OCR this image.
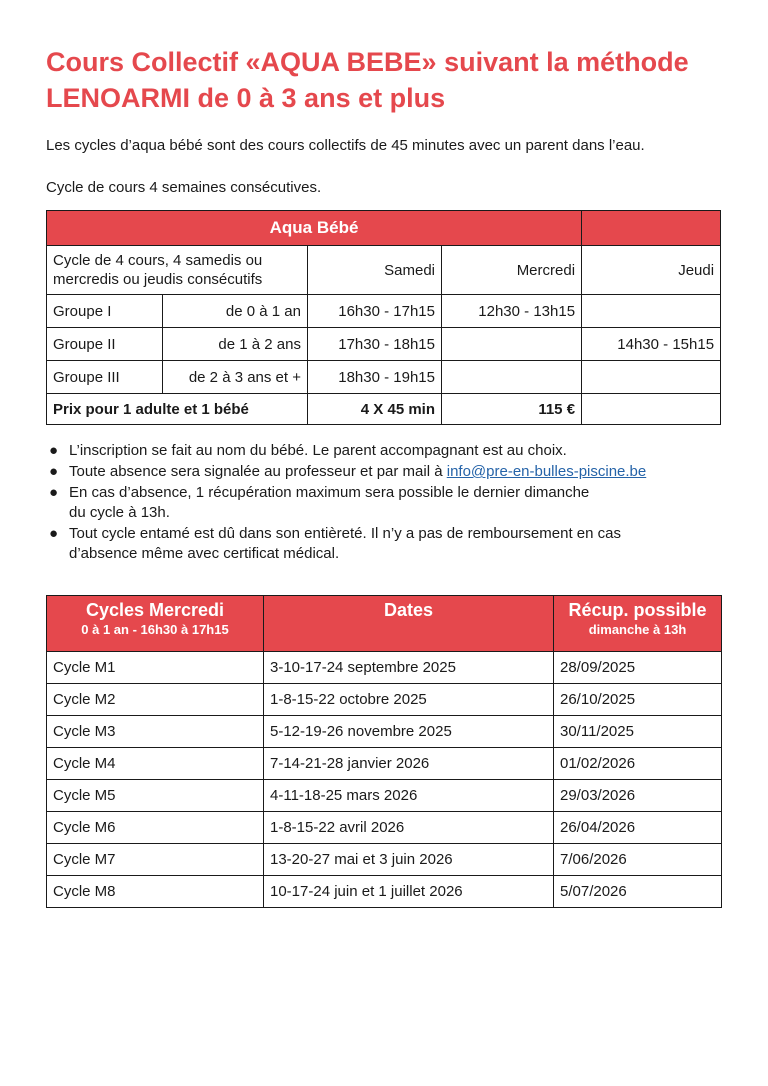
Cours Collectif «AQUA BEBE» suivant la méthode LENOARMI de 0 à 3 ans et plus

Les cycles d’aqua bébé sont des cours collectifs de 45 minutes avec un parent dans l’eau.

Cycle de cours 4 semaines consécutives.

Aqua Bébé				
Cycle de 4 cours, 4 samedis ou mercredis ou jeudis consécutifs		Samedi	Mercredi	Jeudi
Groupe I	de 0 à 1 an	16h30 - 17h15	12h30 - 13h15	
Groupe II	de 1 à 2 ans	17h30 - 18h15		14h30 - 15h15
Groupe III	de 2 à 3 ans et +	18h30 - 19h15		
Prix pour 1 adulte et 1 bébé		4 X 45 min	115 €	
● L’inscription se fait au nom du bébé. Le parent accompagnant est au choix.
● Toute absence sera signalée au professeur et par mail à info@pre-en-bulles-piscine.be
● En cas d’absence, 1 récupération maximum sera possible le dernier dimanche
du cycle à 13h.
● Tout cycle entamé est dû dans son entièreté. Il n’y a pas de remboursement en cas
d’absence même avec certificat médical.
Cycles Mercredi
0 à 1 an - 16h30 à 17h15	Dates	Récup. possible
dimanche à 13h

Cycle M1	3-10-17-24 septembre 2025	28/09/2025
Cycle M2	1-8-15-22 octobre 2025	26/10/2025
Cycle M3	5-12-19-26 novembre 2025	30/11/2025
Cycle M4	7-14-21-28 janvier 2026	01/02/2026
Cycle M5	4-11-18-25 mars 2026	29/03/2026
Cycle M6	1-8-15-22 avril 2026	26/04/2026
Cycle M7	13-20-27 mai et 3 juin 2026	7/06/2026
Cycle M8	10-17-24 juin et 1 juillet 2026	5/07/2026
